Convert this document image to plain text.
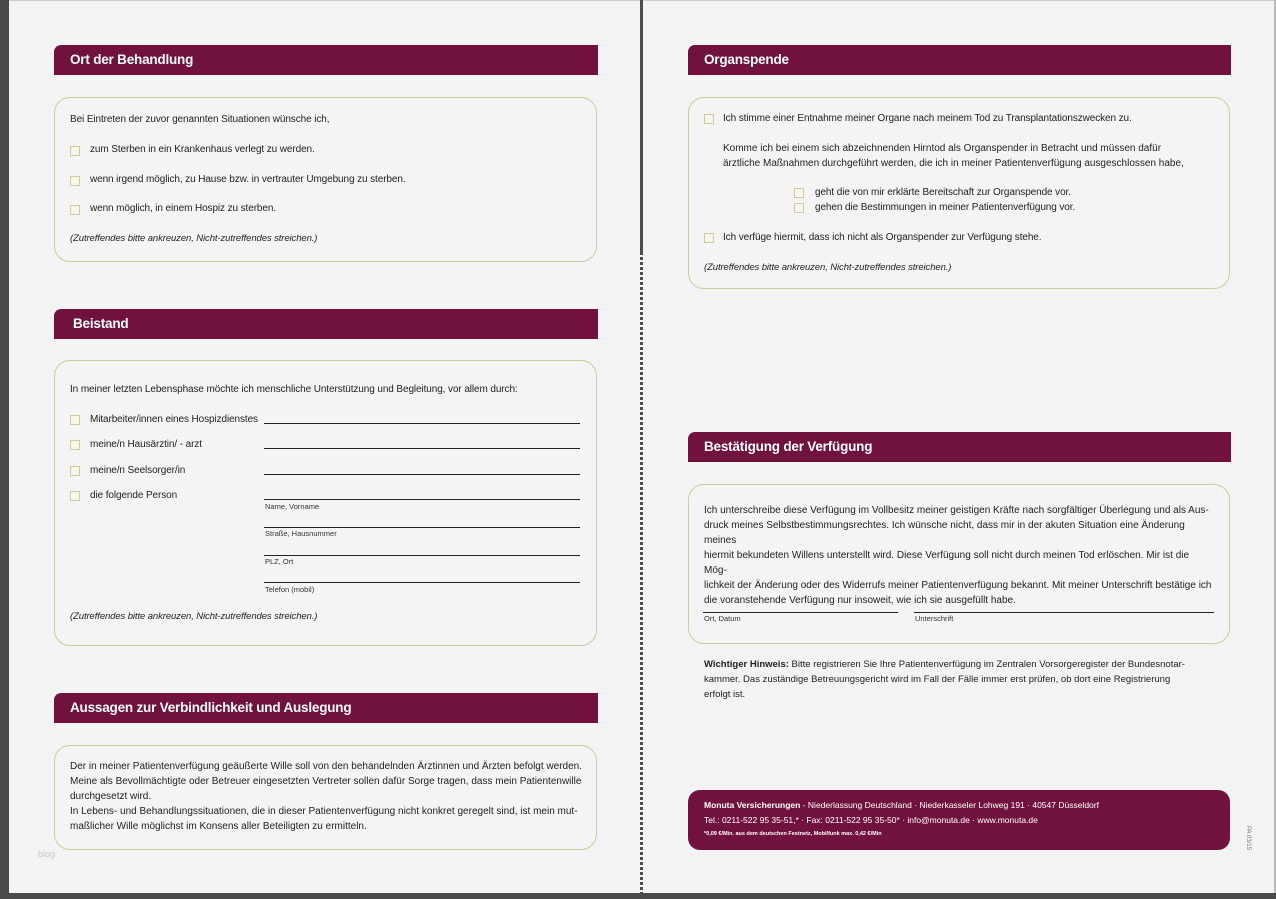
Ort der Behandlung
Bei Eintreten der zuvor genannten Situationen wünsche ich,
zum Sterben in ein Krankenhaus verlegt zu werden.
wenn irgend möglich, zu Hause bzw. in vertrauter Umgebung zu sterben.
wenn möglich, in einem Hospiz zu sterben.
(Zutreffendes bitte ankreuzen, Nicht-zutreffendes streichen.)
Beistand
In meiner letzten Lebensphase möchte ich menschliche Unterstützung und Begleitung, vor allem durch:
Mitarbeiter/innen eines Hospizdienstes
meine/n Hausärztin/ - arzt
meine/n Seelsorger/in
die folgende Person
Name, Vorname
Straße, Hausnummer
PLZ, Ort
Telefon (mobil)
(Zutreffendes bitte ankreuzen, Nicht-zutreffendes streichen.)
Aussagen zur Verbindlichkeit und Auslegung
Der in meiner Patientenverfügung geäußerte Wille soll von den behandelnden Ärztinnen und Ärzten befolgt werden.
Meine als Bevollmächtigte oder Betreuer eingesetzten Vertreter sollen dafür Sorge tragen, dass mein Patientenwille
durchgesetzt wird.
In Lebens- und Behandlungssituationen, die in dieser Patientenverfügung nicht konkret geregelt sind, ist mein mut-
maßlicher Wille möglichst im Konsens aller Beteiligten zu ermitteln.
blog
Organspende
Ich stimme einer Entnahme meiner Organe nach meinem Tod zu Transplantationszwecken zu.
Komme ich bei einem sich abzeichnenden Hirntod als Organspender in Betracht und müssen dafür
ärztliche Maßnahmen durchgeführt werden, die ich in meiner Patientenverfügung ausgeschlossen habe,
geht die von mir erklärte Bereitschaft zur Organspende vor.
gehen die Bestimmungen in meiner Patientenverfügung vor.
Ich verfüge hiermit, dass ich nicht als Organspender zur Verfügung stehe.
(Zutreffendes bitte ankreuzen, Nicht-zutreffendes streichen.)
Bestätigung der Verfügung
Ich unterschreibe diese Verfügung im Vollbesitz meiner geistigen Kräfte nach sorgfältiger Überlegung und als Aus-
druck meines Selbstbestimmungsrechtes. Ich wünsche nicht, dass mir in der akuten Situation eine Änderung meines
hiermit bekundeten Willens unterstellt wird. Diese Verfügung soll nicht durch meinen Tod erlöschen. Mir ist die Mög-
lichkeit der Änderung oder des Widerrufs meiner Patientenverfügung bekannt. Mit meiner Unterschrift bestätige ich
die voranstehende Verfügung nur insoweit, wie ich sie ausgefüllt habe.
Ort, Datum	Unterschrift
Wichtiger Hinweis: Bitte registrieren Sie Ihre Patientenverfügung im Zentralen Vorsorgeregister der Bundesnotar-
kammer. Das zuständige Betreuungsgericht wird im Fall der Fälle immer erst prüfen, ob dort eine Registrierung
erfolgt ist.
Monuta Versicherungen - Niederlassung Deutschland · Niederkasseler Lohweg 191 · 40547 Düsseldorf
Tel.: 0211-522 95 35-51,* · Fax: 0211-522 95 35-50* · info@monuta.de · www.monuta.de
*0,09 €/Min. aus dem deutschen Festnetz, Mobilfunk max. 0,42 €/Min	PA 03/15
